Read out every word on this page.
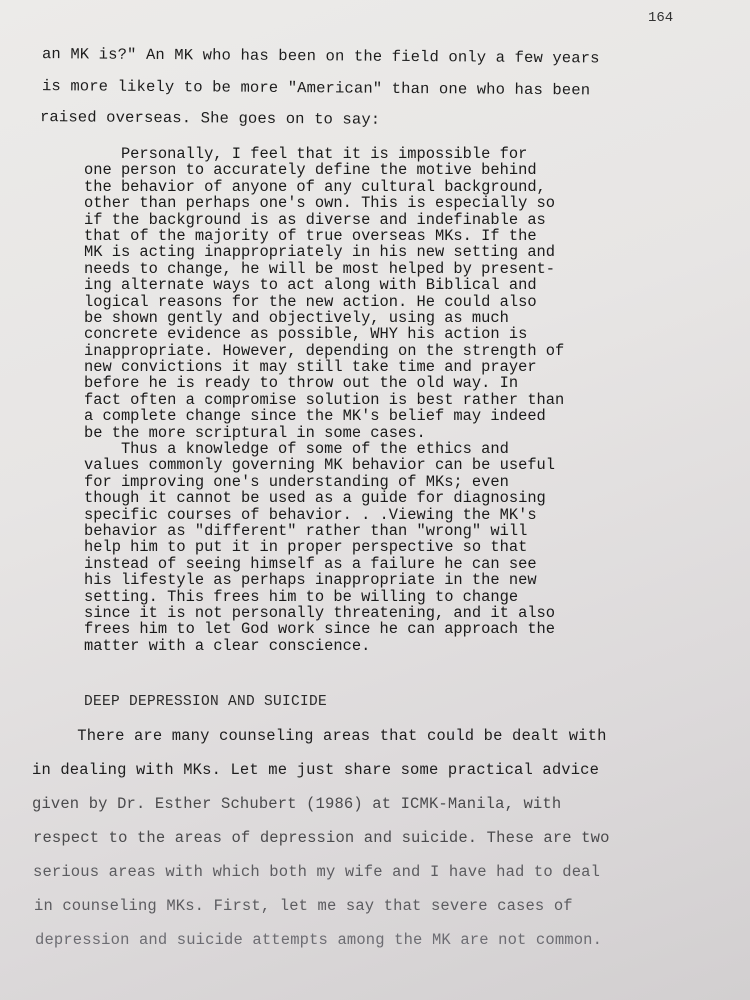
164
an MK is?" An MK who has been on the field only a few years
is more likely to be more "American" than one who has been
raised overseas. She goes on to say:
Personally, I feel that it is impossible for
one person to accurately define the motive behind
the behavior of anyone of any cultural background,
other than perhaps one's own. This is especially so
if the background is as diverse and indefinable as
that of the majority of true overseas MKs. If the
MK is acting inappropriately in his new setting and
needs to change, he will be most helped by present-
ing alternate ways to act along with Biblical and
logical reasons for the new action. He could also
be shown gently and objectively, using as much
concrete evidence as possible, WHY his action is
inappropriate. However, depending on the strength of
new convictions it may still take time and prayer
before he is ready to throw out the old way. In
fact often a compromise solution is best rather than
a complete change since the MK's belief may indeed
be the more scriptural in some cases.
Thus a knowledge of some of the ethics and
values commonly governing MK behavior can be useful
for improving one's understanding of MKs; even
though it cannot be used as a guide for diagnosing
specific courses of behavior. . .Viewing the MK's
behavior as "different" rather than "wrong" will
help him to put it in proper perspective so that
instead of seeing himself as a failure he can see
his lifestyle as perhaps inappropriate in the new
setting. This frees him to be willing to change
since it is not personally threatening, and it also
frees him to let God work since he can approach the
matter with a clear conscience.
DEEP DEPRESSION AND SUICIDE
There are many counseling areas that could be dealt with
in dealing with MKs. Let me just share some practical advice
given by Dr. Esther Schubert (1986) at ICMK-Manila, with
respect to the areas of depression and suicide. These are two
serious areas with which both my wife and I have had to deal
in counseling MKs. First, let me say that severe cases of
depression and suicide attempts among the MK are not common.
